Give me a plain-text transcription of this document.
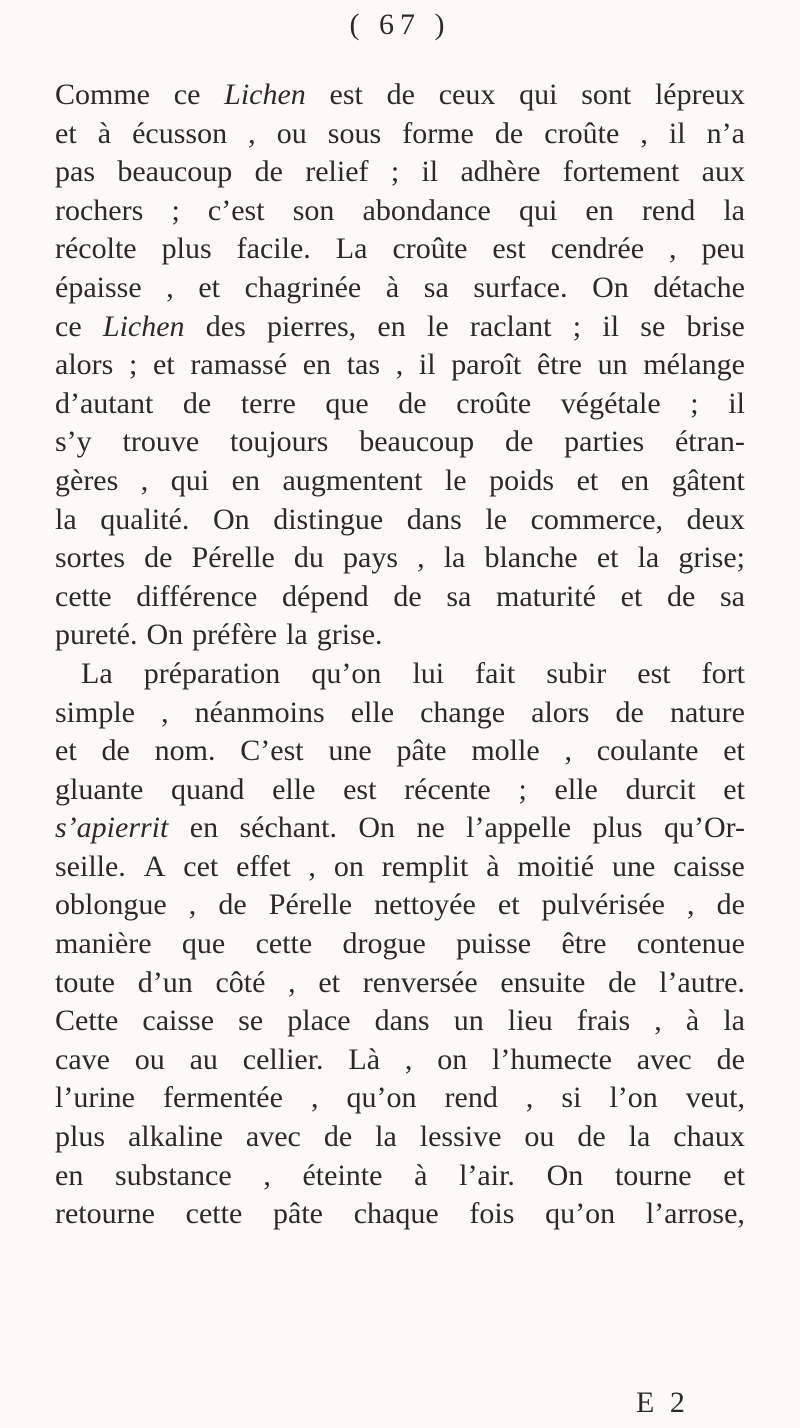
( 67 )
Comme ce Lichen est de ceux qui sont lépreux
et à écusson , ou sous forme de croûte , il n’a
pas beaucoup de relief ; il adhère fortement aux
rochers ; c’est son abondance qui en rend la
récolte plus facile. La croûte est cendrée , peu
épaisse , et chagrinée à sa surface. On détache
ce Lichen des pierres, en le raclant ; il se brise
alors ; et ramassé en tas , il paroît être un mélange
d’autant de terre que de croûte végétale ; il
s’y trouve toujours beaucoup de parties étran-
gères , qui en augmentent le poids et en gâtent
la qualité. On distingue dans le commerce, deux
sortes de Pérelle du pays , la blanche et la grise;
cette différence dépend de sa maturité et de sa
pureté. On préfère la grise.
La préparation qu’on lui fait subir est fort
simple , néanmoins elle change alors de nature
et de nom. C’est une pâte molle , coulante et
gluante quand elle est récente ; elle durcit et
s’apierrit en séchant. On ne l’appelle plus qu’Or-
seille. A cet effet , on remplit à moitié une caisse
oblongue , de Pérelle nettoyée et pulvérisée , de
manière que cette drogue puisse être contenue
toute d’un côté , et renversée ensuite de l’autre.
Cette caisse se place dans un lieu frais , à la
cave ou au cellier. Là , on l’humecte avec de
l’urine fermentée , qu’on rend , si l’on veut,
plus alkaline avec de la lessive ou de la chaux
en substance , éteinte à l’air. On tourne et
retourne cette pâte chaque fois qu’on l’arrose,
E 2
